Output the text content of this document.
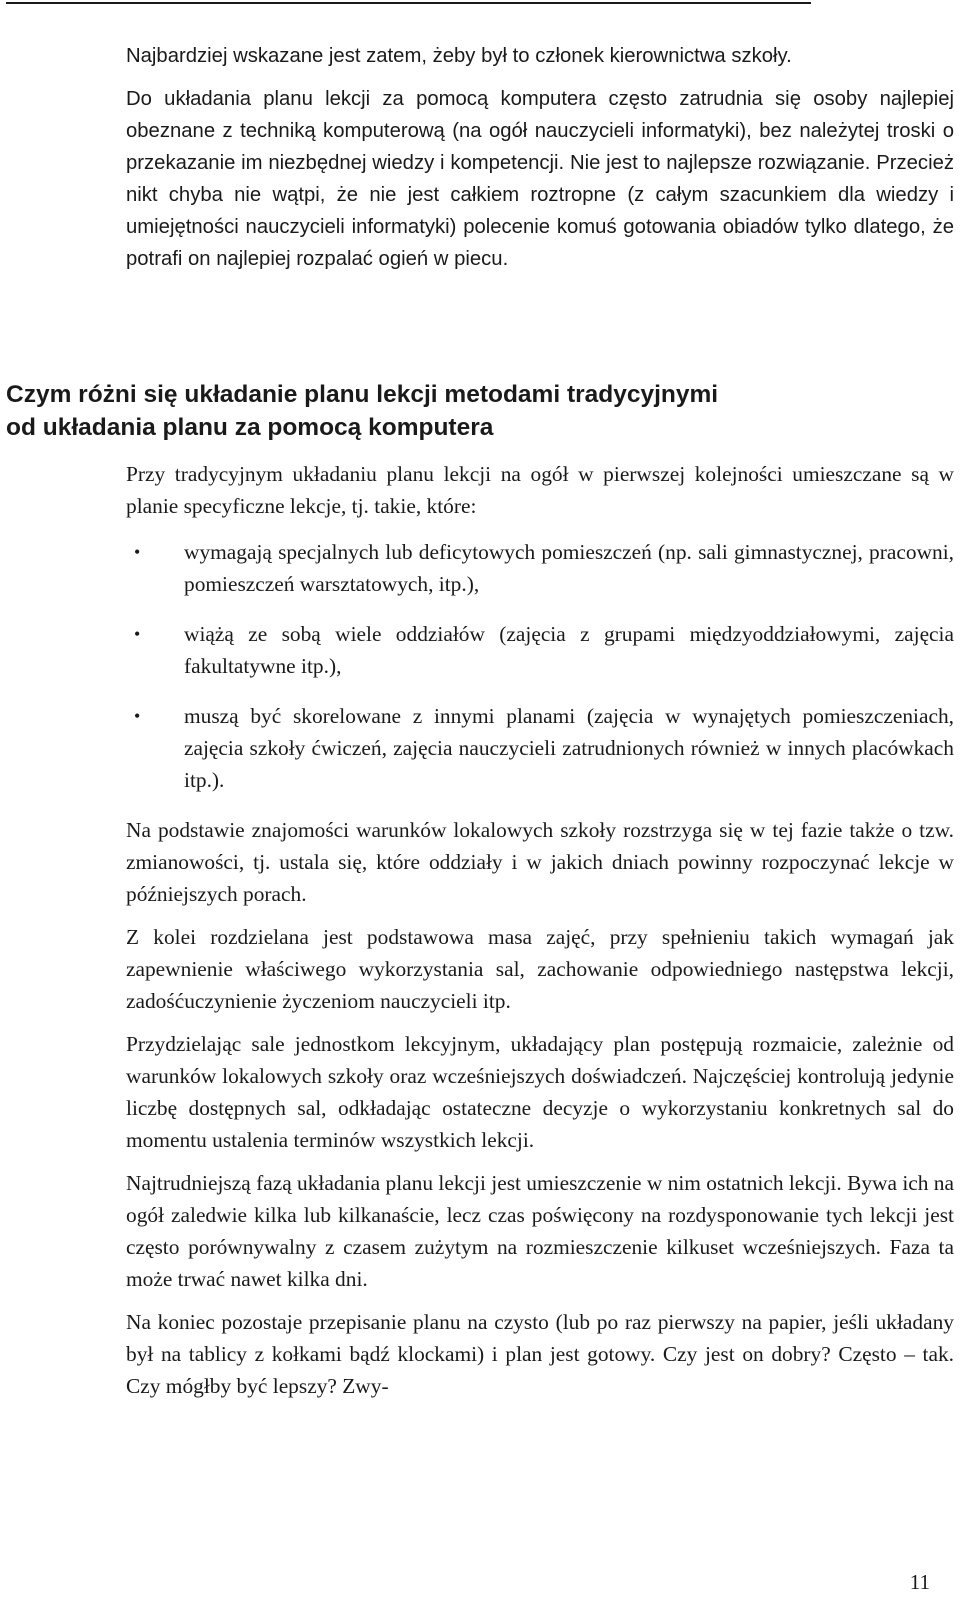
Najbardziej wskazane jest zatem, żeby był to członek kierownictwa szkoły.

Do układania planu lekcji za pomocą komputera często zatrudnia się osoby najlepiej obeznane z techniką komputerową (na ogół nauczycieli informatyki), bez należytej troski o przekazanie im niezbędnej wiedzy i kompetencji. Nie jest to najlepsze rozwiązanie. Przecież nikt chyba nie wątpi, że nie jest całkiem roztropne (z całym szacunkiem dla wiedzy i umiejętności nauczycieli informatyki) polecenie komuś gotowania obiadów tylko dlatego, że potrafi on najlepiej rozpalać ogień w piecu.

Czym różni się układanie planu lekcji metodami tradycyjnymi
od układania planu za pomocą komputera

Przy tradycyjnym układaniu planu lekcji na ogół w pierwszej kolejności umieszczane są w planie specyficzne lekcje, tj. takie, które:

• wymagają specjalnych lub deficytowych pomieszczeń (np. sali gimnastycznej, pracowni, pomieszczeń warsztatowych, itp.),
• wiążą ze sobą wiele oddziałów (zajęcia z grupami międzyoddziałowymi, zajęcia fakultatywne itp.),
• muszą być skorelowane z innymi planami (zajęcia w wynajętych pomieszczeniach, zajęcia szkoły ćwiczeń, zajęcia nauczycieli zatrudnionych również w innych placówkach itp.).

Na podstawie znajomości warunków lokalowych szkoły rozstrzyga się w tej fazie także o tzw. zmianowości, tj. ustala się, które oddziały i w jakich dniach powinny rozpoczynać lekcje w późniejszych porach.

Z kolei rozdzielana jest podstawowa masa zajęć, przy spełnieniu takich wymagań jak zapewnienie właściwego wykorzystania sal, zachowanie odpowiedniego następstwa lekcji, zadośćuczynienie życzeniom nauczycieli itp.

Przydzielając sale jednostkom lekcyjnym, układający plan postępują rozmaicie, zależnie od warunków lokalowych szkoły oraz wcześniejszych doświadczeń. Najczęściej kontrolują jedynie liczbę dostępnych sal, odkładając ostateczne decyzje o wykorzystaniu konkretnych sal do momentu ustalenia terminów wszystkich lekcji.

Najtrudniejszą fazą układania planu lekcji jest umieszczenie w nim ostatnich lekcji. Bywa ich na ogół zaledwie kilka lub kilkanaście, lecz czas poświęcony na rozdysponowanie tych lekcji jest często porównywalny z czasem zużytym na rozmieszczenie kilkuset wcześniejszych. Faza ta może trwać nawet kilka dni.

Na koniec pozostaje przepisanie planu na czysto (lub po raz pierwszy na papier, jeśli układany był na tablicy z kołkami bądź klockami) i plan jest gotowy. Czy jest on dobry? Często – tak. Czy mógłby być lepszy? Zwy-

11
